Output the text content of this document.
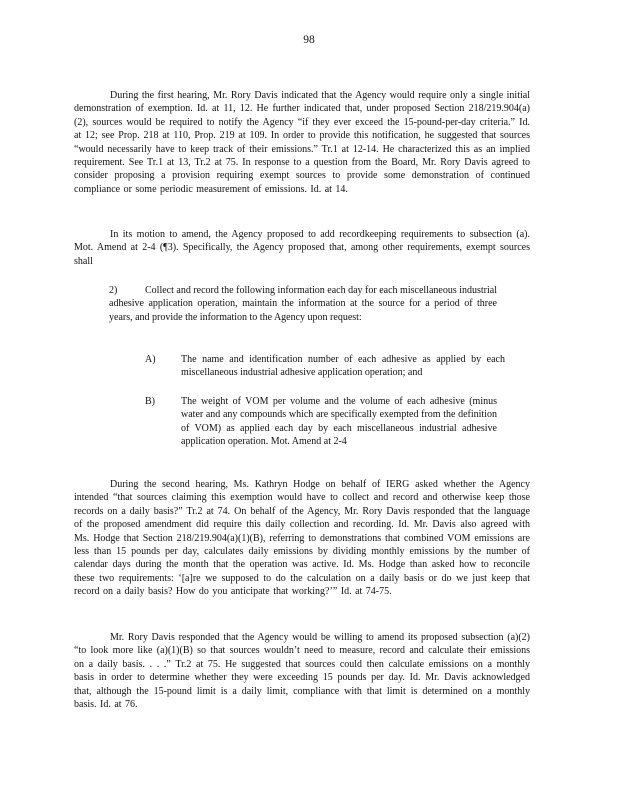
98

During the first hearing, Mr. Rory Davis indicated that the Agency would require only a single initial demonstration of exemption. Id. at 11, 12. He further indicated that, under proposed Section 218/219.904(a)(2), sources would be required to notify the Agency “if they ever exceed the 15-pound-per-day criteria.” Id. at 12; see Prop. 218 at 110, Prop. 219 at 109. In order to provide this notification, he suggested that sources “would necessarily have to keep track of their emissions.” Tr.1 at 12-14. He characterized this as an implied requirement. See Tr.1 at 13, Tr.2 at 75. In response to a question from the Board, Mr. Rory Davis agreed to consider proposing a provision requiring exempt sources to provide some demonstration of continued compliance or some periodic measurement of emissions. Id. at 14.

In its motion to amend, the Agency proposed to add recordkeeping requirements to subsection (a). Mot. Amend at 2-4 (¶3). Specifically, the Agency proposed that, among other requirements, exempt sources shall

2)	Collect and record the following information each day for each miscellaneous industrial adhesive application operation, maintain the information at the source for a period of three years, and provide the information to the Agency upon request:

A)	The name and identification number of each adhesive as applied by each miscellaneous industrial adhesive application operation; and

B)	The weight of VOM per volume and the volume of each adhesive (minus water and any compounds which are specifically exempted from the definition of VOM) as applied each day by each miscellaneous industrial adhesive application operation. Mot. Amend at 2-4

During the second hearing, Ms. Kathryn Hodge on behalf of IERG asked whether the Agency intended “that sources claiming this exemption would have to collect and record and otherwise keep those records on a daily basis?” Tr.2 at 74. On behalf of the Agency, Mr. Rory Davis responded that the language of the proposed amendment did require this daily collection and recording. Id. Mr. Davis also agreed with Ms. Hodge that Section 218/219.904(a)(1)(B), referring to demonstrations that combined VOM emissions are less than 15 pounds per day, calculates daily emissions by dividing monthly emissions by the number of calendar days during the month that the operation was active. Id. Ms. Hodge than asked how to reconcile these two requirements: ‘[a]re we supposed to do the calculation on a daily basis or do we just keep that record on a daily basis? How do you anticipate that working?’” Id. at 74-75.

Mr. Rory Davis responded that the Agency would be willing to amend its proposed subsection (a)(2) “to look more like (a)(1)(B) so that sources wouldn’t need to measure, record and calculate their emissions on a daily basis. . . .” Tr.2 at 75. He suggested that sources could then calculate emissions on a monthly basis in order to determine whether they were exceeding 15 pounds per day. Id. Mr. Davis acknowledged that, although the 15-pound limit is a daily limit, compliance with that limit is determined on a monthly basis. Id. at 76.
